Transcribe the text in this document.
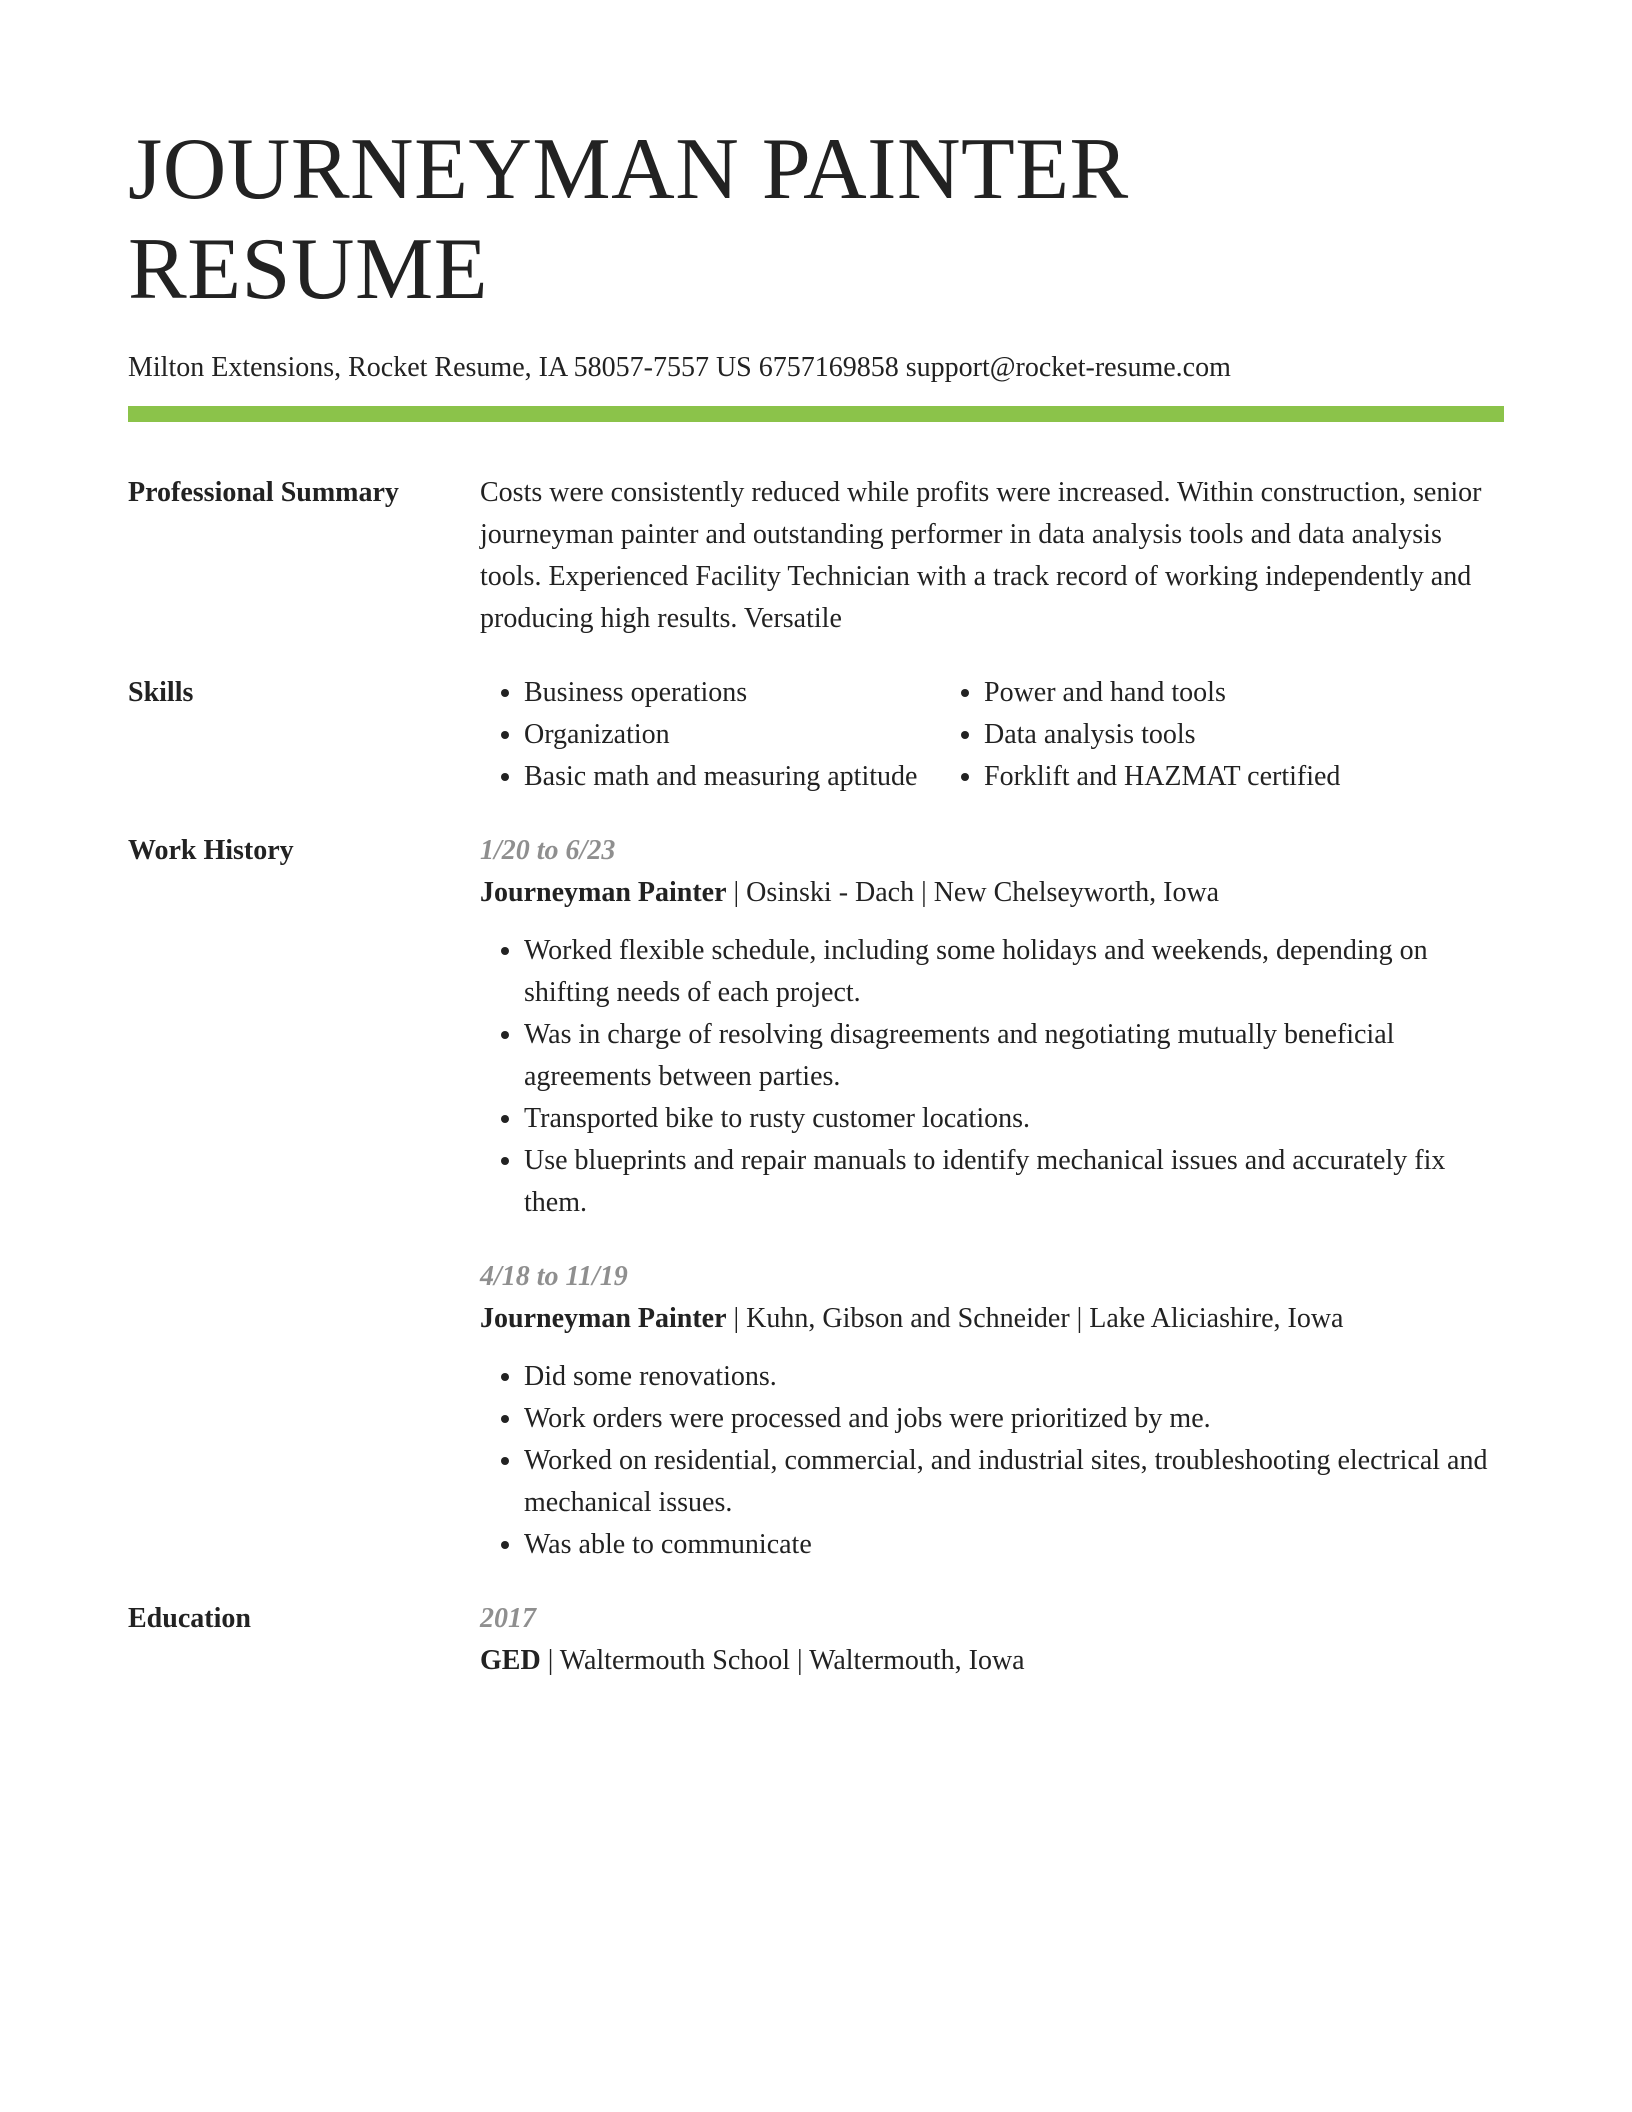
JOURNEYMAN PAINTER RESUME
Milton Extensions, Rocket Resume, IA 58057-7557 US 6757169858 support@rocket-resume.com
Professional Summary	Costs were consistently reduced while profits were increased. Within construction, senior journeyman painter and outstanding performer in data analysis tools and data analysis tools. Experienced Facility Technician with a track record of working independently and producing high results. Versatile

Skills
•	Business operations
• Organization
• Basic math and measuring aptitude
• Power and hand tools
• Data analysis tools
• Forklift and HAZMAT certified
Work History	1/20 to 6/23
Journeyman Painter | Osinski - Dach | New Chelseyworth, Iowa
• Worked flexible schedule, including some holidays and weekends, depending on shifting needs of each project.
• Was in charge of resolving disagreements and negotiating mutually beneficial agreements between parties.
• Transported bike to rusty customer locations.
• Use blueprints and repair manuals to identify mechanical issues and accurately fix them.
4/18 to 11/19
Journeyman Painter | Kuhn, Gibson and Schneider | Lake Aliciashire, Iowa
• Did some renovations.
• Work orders were processed and jobs were prioritized by me.
• Worked on residential, commercial, and industrial sites, troubleshooting electrical and mechanical issues.
• Was able to communicate
Education	2017
GED | Waltermouth School | Waltermouth, Iowa
